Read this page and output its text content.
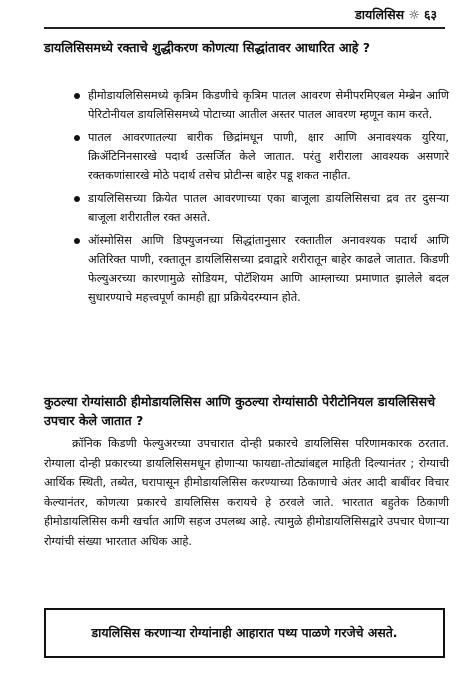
डायलिसिस ☼ ६३
डायलिसिसमध्ये रक्ताचे शुद्धीकरण कोणत्या सिद्धांतावर आधारित आहे ?
हीमोडायलिसिसमध्ये कृत्रिम किडणीचे कृत्रिम पातल आवरण सेमीपरमिएबल मेम्ब्रेन आणि पेरिटोनीयल डायलिसिसमध्ये पोटाच्या आतील अस्तर पातल आवरण म्हणून काम करते.
पातल आवरणातल्या बारीक छिद्रांमधून पाणी, क्षार आणि अनावश्यक युरिया, क्रिॲटिनिनसारखे पदार्थ उत्सर्जित केले जातात. परंतु शरीराला आवश्यक असणारे रक्तकणांसारखे मोठे पदार्थ तसेच प्रोटीन्स बाहेर पडू शकत नाहीत.
डायलिसिसच्या क्रियेत पातल आवरणाच्या एका बाजूला डायलिसिसचा द्रव तर दुसऱ्या बाजूला शरीरातील रक्त असते.
ऑस्मोसिस आणि डिफ्युजनच्या सिद्धांतानुसार रक्तातील अनावश्यक पदार्थ आणि अतिरिक्त पाणी, रक्तातून डायलिसिसच्या द्रवाद्वारे शरीरातून बाहेर काढले जातात. किडणी फेल्युअरच्या कारणामुळे सोडियम, पोटॅशियम आणि आम्लाच्या प्रमाणात झालेले बदल सुधारण्याचे महत्त्वपूर्ण कामही ह्या प्रक्रियेदरम्यान होते.
कुठल्या रोग्यांसाठी हीमोडायलिसिस आणि कुठल्या रोग्यांसाठी पेरीटोनियल डायलिसिसचे उपचार केले जातात ?

क्रॉनिक किडणी फेल्युअरच्या उपचारात दोन्ही प्रकारचे डायलिसिस परिणामकारक ठरतात. रोग्याला दोन्ही प्रकारच्या डायलिसिसमधून होणाऱ्या फायद्या-तोट्यांबद्दल माहिती दिल्यानंतर ; रोग्याची आर्थिक स्थिती, तब्येत, घरापासून हीमोडायलिसिस करण्याच्या ठिकाणाचे अंतर आदी बाबींवर विचार केल्यानंतर, कोणत्या प्रकारचे डायलिसिस करायचे हे ठरवले जाते. भारतात बहुतेक ठिकाणी हीमोडायलिसिस कमी खर्चात आणि सहज उपलब्ध आहे. त्यामुळे हीमोडायलिसिसद्वारे उपचार घेणाऱ्या रोग्यांची संख्या भारतात अधिक आहे.

डायलिसिस करणाऱ्या रोग्यांनाही आहारात पथ्य पाळणे गरजेचे असते.
